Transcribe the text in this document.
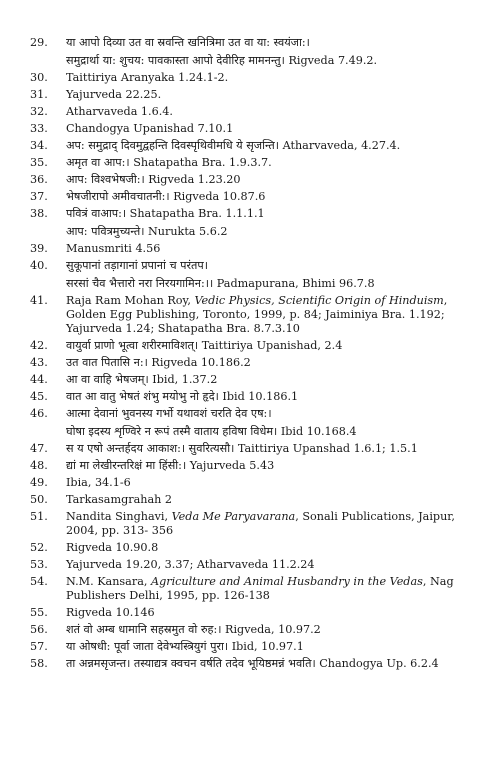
29.	या आपो दिव्या उत वा स्रवन्ति खनित्रिमा उत वा या: स्वयंजा:।
समुद्रार्था या: शुचय: पावकास्ता आपो देवीरिह मामनन्तु। Rigveda 7.49.2.
30.	Taittiriya Aranyaka 1.24.1-2.
31.	Yajurveda 22.25.
32.	Atharvaveda 1.6.4.
33.	Chandogya Upanishad 7.10.1
34.	अप: समुद्राद् दिवमुद्वहन्ति दिवस्पृथिवीमधि ये सृजन्ति। Atharvaveda, 4.27.4.
35.	अमृत वा आप:। Shatapatha Bra. 1.9.3.7.
36.	आप: विश्वभेषजी:। Rigveda 1.23.20
37.	भेषजीरापो अमीवचातनी:। Rigveda 10.87.6
38.	पवित्रं वाआप:। Shatapatha Bra. 1.1.1.1
आप: पवित्रमुच्यन्ते। Nurukta 5.6.2
39.	Manusmriti 4.56
40.	सुकूपानां तड़ागानां प्रपानां च परंतप।
सरसां चैव भैत्तारो नरा निरयगामिन:।। Padmapurana, Bhimi 96.7.8
41.	Raja Ram Mohan Roy, Vedic Physics, Scientific Origin of Hinduism, Golden Egg Publishing, Toronto, 1999, p. 84; Jaiminiya Bra. 1.192; Yajurveda 1.24; Shatapatha Bra. 8.7.3.10
42.	वायुर्वा प्राणो भूत्वा शरीरमाविशत्। Taittiriya Upanishad, 2.4
43.	उत वात पितासि न:। Rigveda 10.186.2
44.	आ वा वाहि भेषजम्। Ibid, 1.37.2
45.	वात आ वातु भेषतं शंभु मयोभु नो हृदे। Ibid 10.186.1
46.	आत्मा देवानां भुवनस्य गर्भो यथावशं चरति देव एष:।
घोषा इदस्य शृण्विरे न रूपं तस्मै वाताय हविषा विधेम। Ibid 10.168.4
47.	स य एषो अन्तर्हदय आकाश:। सुवरित्यसौ। Taittiriya Upanshad 1.6.1; 1.5.1
48.	द्यां मा लेखीरन्तरिक्षं मा हिंसी:। Yajurveda 5.43
49.	Ibia, 34.1-6
50.	Tarkasamgrahah 2
51.	Nandita Singhavi, Veda Me Paryavarana, Sonali Publications, Jaipur, 2004, pp. 313- 356
52.	Rigveda 10.90.8
53.	Yajurveda 19.20, 3.37; Atharvaveda 11.2.24
54.	N.M. Kansara, Agriculture and Animal Husbandry in the Vedas, Nag Publishers Delhi, 1995, pp. 126-138
55.	Rigveda 10.146
56.	शतं वो अम्ब धामानि सहस्रमुत वो रुह:। Rigveda, 10.97.2
57.	या ओषधी: पूर्वा जाता देवेभ्यस्त्रियुगं पुरा। Ibid, 10.97.1
58.	ता अन्नमसृजन्त। तस्याद्यत्र क्वचन वर्षति तदेव भूयिष्ठमन्नं भवति। Chandogya Up. 6.2.4
